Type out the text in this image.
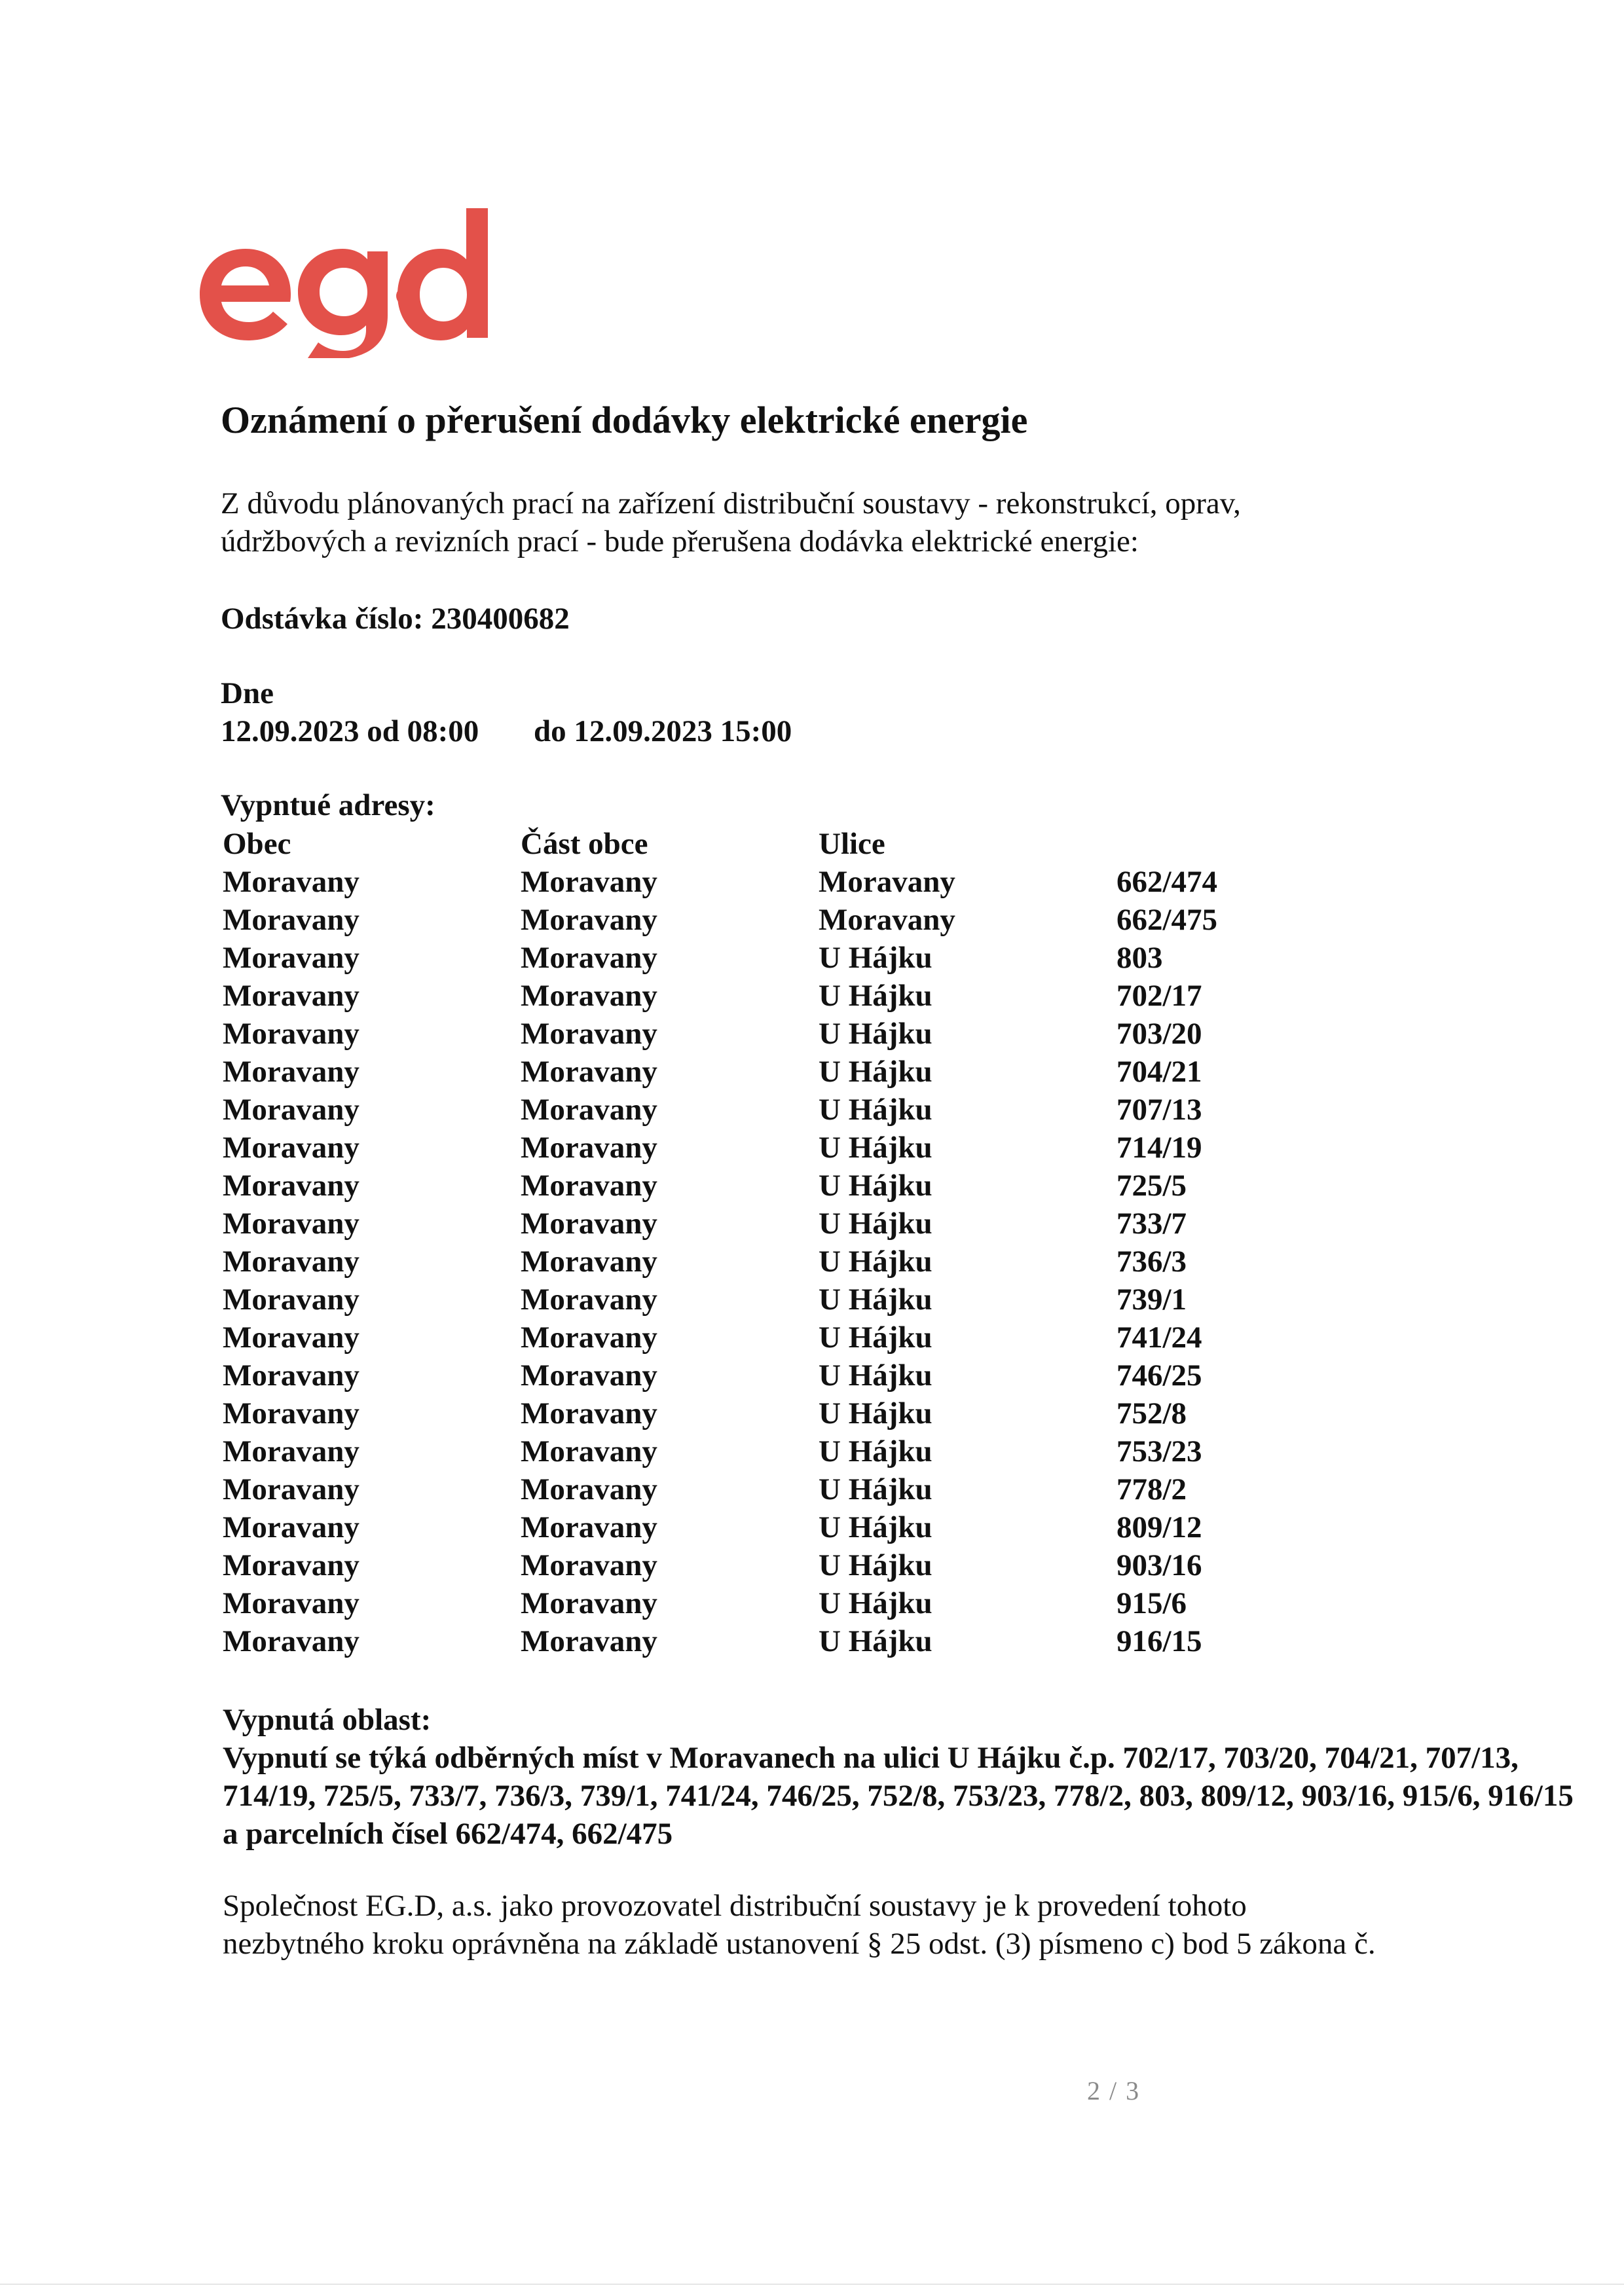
Oznámení o přerušení dodávky elektrické energie
Z důvodu plánovaných prací na zařízení distribuční soustavy - rekonstrukcí, oprav,
údržbových a revizních prací - bude přerušena dodávka elektrické energie:
Odstávka číslo: 230400682
Dne
12.09.2023 od 08:00 do 12.09.2023 15:00
Vypntué adresy:
Obec	Část obce	Ulice
Moravany	Moravany	Moravany	662/474
Moravany	Moravany	Moravany	662/475
Moravany	Moravany	U Hájku	803
Moravany	Moravany	U Hájku	702/17
Moravany	Moravany	U Hájku	703/20
Moravany	Moravany	U Hájku	704/21
Moravany	Moravany	U Hájku	707/13
Moravany	Moravany	U Hájku	714/19
Moravany	Moravany	U Hájku	725/5
Moravany	Moravany	U Hájku	733/7
Moravany	Moravany	U Hájku	736/3
Moravany	Moravany	U Hájku	739/1
Moravany	Moravany	U Hájku	741/24
Moravany	Moravany	U Hájku	746/25
Moravany	Moravany	U Hájku	752/8
Moravany	Moravany	U Hájku	753/23
Moravany	Moravany	U Hájku	778/2
Moravany	Moravany	U Hájku	809/12
Moravany	Moravany	U Hájku	903/16
Moravany	Moravany	U Hájku	915/6
Moravany	Moravany	U Hájku	916/15
Vypnutá oblast:
Vypnutí se týká odběrných míst v Moravanech na ulici U Hájku č.p. 702/17, 703/20, 704/21, 707/13, 714/19, 725/5, 733/7, 736/3, 739/1, 741/24, 746/25, 752/8, 753/23, 778/2, 803, 809/12, 903/16, 915/6, 916/15 a parcelních čísel 662/474, 662/475
Společnost EG.D, a.s. jako provozovatel distribuční soustavy je k provedení tohoto
nezbytného kroku oprávněna na základě ustanovení § 25 odst. (3) písmeno c) bod 5 zákona č.
2 / 3
